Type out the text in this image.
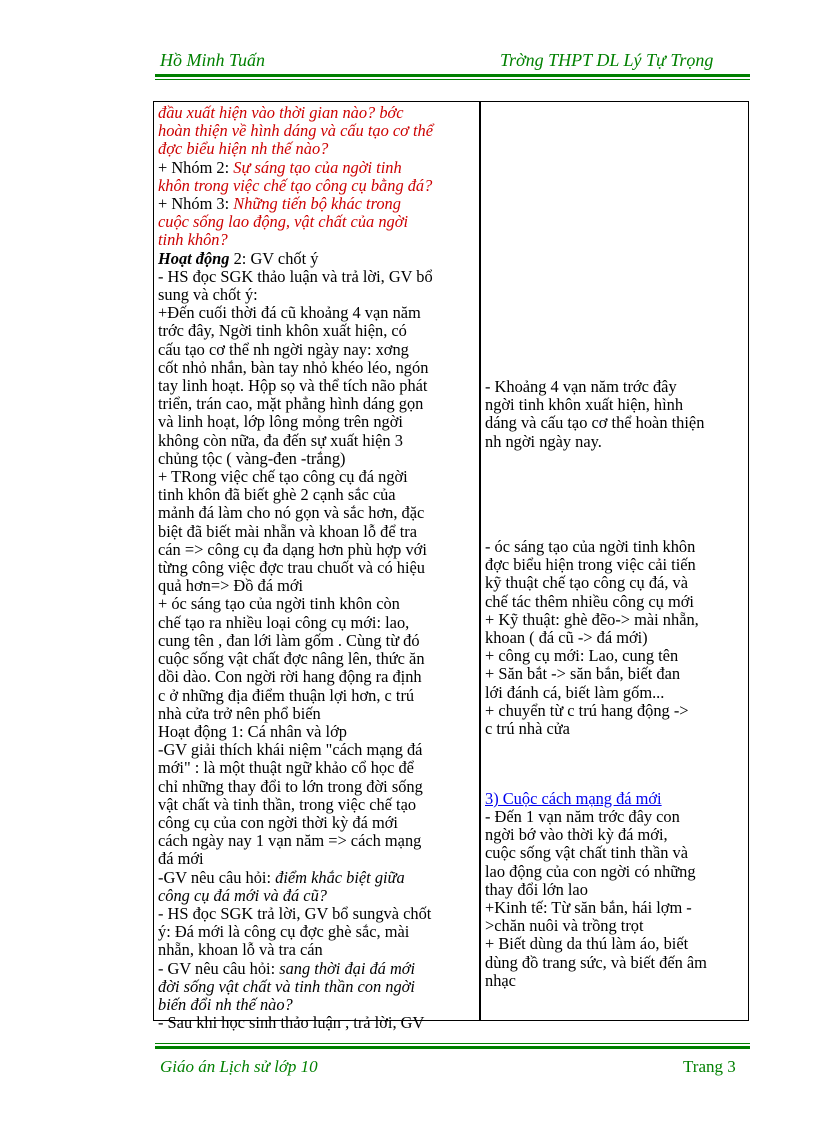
Hồ Minh Tuấn	Trờng THPT DL Lý Tự Trọng
đầu xuất hiện vào thời gian nào? bớc
hoàn thiện về hình dáng và cấu tạo cơ thể
đợc biểu hiện nh thế nào?
+ Nhóm 2: Sự sáng tạo của ngời tinh
khôn trong việc chế tạo công cụ bằng đá?
+ Nhóm 3: Những tiến bộ khác trong
cuộc sống lao động, vật chất của ngời
tinh khôn?
Hoạt động 2: GV chốt ý
- HS đọc SGK thảo luận và trả lời, GV bổ
sung và chốt ý:
+Đến cuối thời đá cũ khoảng 4 vạn năm
trớc đây, Ngời tinh khôn xuất hiện, có
cấu tạo cơ thể nh ngời ngày nay: xơng
cốt nhỏ nhắn, bàn tay nhỏ khéo léo, ngón
tay linh hoạt. Hộp sọ và thể tích não phát
triển, trán cao, mặt phẳng hình dáng gọn
và linh hoạt, lớp lông mỏng trên ngời
không còn nữa, đa đến sự xuất hiện 3
chủng tộc ( vàng-đen -trắng)
+ TRong việc chế tạo công cụ đá ngời
tinh khôn đã biết ghè 2 cạnh sắc của
mảnh đá làm cho nó gọn và sắc hơn, đặc
biệt đã biết mài nhẵn và khoan lỗ để tra
cán => công cụ đa dạng hơn phù hợp với
từng công việc đợc trau chuốt và có hiệu
quả hơn=> Đồ đá mới
+ óc sáng tạo của ngời tinh khôn còn
chế tạo ra nhiều loại công cụ mới: lao,
cung tên , đan lới làm gốm . Cùng từ đó
cuộc sống vật chất đợc nâng lên, thức ăn
dồi dào. Con ngời rời hang động ra định
c ở những địa điểm thuận lợi hơn, c trú
nhà cửa trở nên phổ biến
Hoạt động 1: Cá nhân và lớp
-GV giải thích khái niệm "cách mạng đá
mới" : là một thuật ngữ khảo cổ học để
chỉ những thay đổi to lớn trong đời sống
vật chất và tinh thần, trong việc chế tạo
công cụ của con ngời thời kỳ đá mới
cách ngày nay 1 vạn năm => cách mạng
đá mới
-GV nêu câu hỏi: điểm khắc biệt giữa
công cụ đá mới và đá cũ?
- HS đọc SGK trả lời, GV bổ sungvà chốt
ý: Đá mới là công cụ đợc ghè sắc, mài
nhẵn, khoan lỗ và tra cán
- GV nêu câu hỏi: sang thời đại đá mới
đời sống vật chất và tinh thần con ngời
biến đổi nh thế nào?
- Sau khi học sinh thảo luận , trả lời, GV
- Khoảng 4 vạn năm trớc đây
ngời tinh khôn xuất hiện, hình
dáng và cấu tạo cơ thể hoàn thiện
nh ngời ngày nay.
- óc sáng tạo của ngời tinh khôn
đợc biểu hiện trong việc cải tiến
kỹ thuật chế tạo công cụ đá, và
chế tác thêm nhiều công cụ mới
+ Kỹ thuật: ghè đẽo-> mài nhẵn,
khoan ( đá cũ -> đá mới)
+ công cụ mới: Lao, cung tên
+ Săn bắt -> săn bắn, biết đan
lới đánh cá, biết làm gốm...
+ chuyển từ c trú hang động ->
c trú nhà cửa
3) Cuộc cách mạng đá mới
- Đến 1 vạn năm trớc đây con
ngời bớ vào thời kỳ đá mới,
cuộc sống vật chất tinh thần và
lao động của con ngời có những
thay đổi lớn lao
+Kinh tế: Từ săn bắn, hái lợm -
>chăn nuôi và trồng trọt
+ Biết dùng da thú làm áo, biết
dùng đồ trang sức, và biết đến âm
nhạc
Giáo án Lịch sử lớp 10	Trang 3
